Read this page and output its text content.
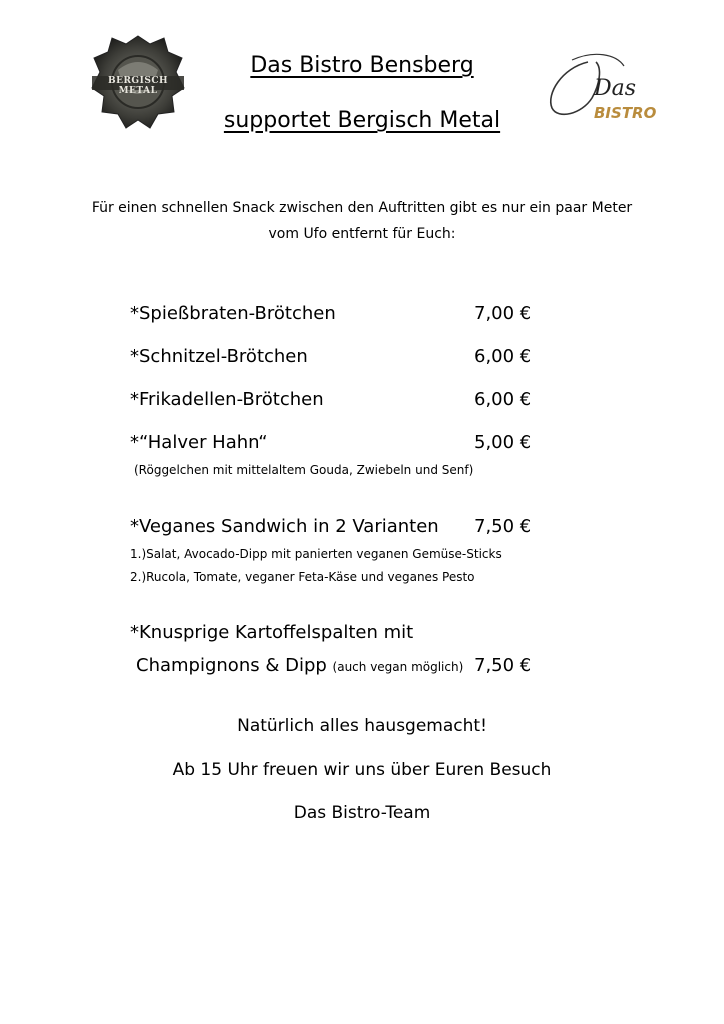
BERGISCH METAL	Das
BISTRO
Das Bistro Bensberg
supportet Bergisch Metal
Für einen schnellen Snack zwischen den Auftritten gibt es nur ein paar Meter
vom Ufo entfernt für Euch:
*Spießbraten-Brötchen	7,00 €
*Schnitzel-Brötchen	6,00 €
*Frikadellen-Brötchen	6,00 €
*“Halver Hahn“	5,00 €
(Röggelchen mit mittelaltem Gouda, Zwiebeln und Senf)
*Veganes Sandwich in 2 Varianten 7,50 €
1.)Salat, Avocado-Dipp mit panierten veganen Gemüse-Sticks
2.)Rucola, Tomate, veganer Feta-Käse und veganes Pesto
*Knusprige Kartoffelspalten mit
Champignons & Dipp (auch vegan möglich) 7,50 €
Natürlich alles hausgemacht!
Ab 15 Uhr freuen wir uns über Euren Besuch
Das Bistro-Team
